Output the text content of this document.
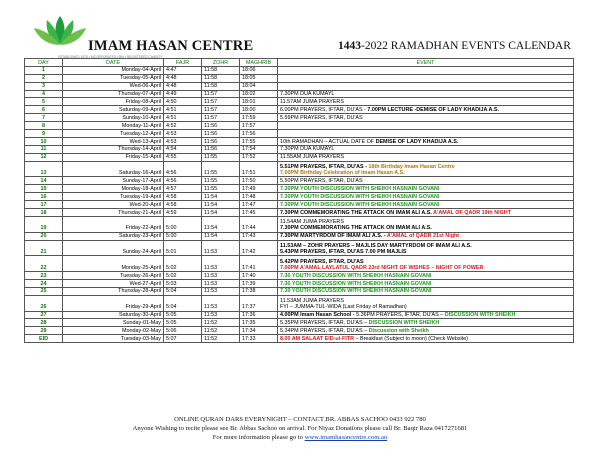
IMAM HASAN CENTRE
ESTABLISHED 1979 • INCORPORATED 1994 • REGISTERED CHARITY
1443-2022 RAMADHAN EVENTS CALENDAR
DAY	DATE	FAJR	ZOHR	MAGHRIB	EVENT
1	Monday-04-April	4:47	11:58	18:06	
2	Tuesday-05-April	4:48	11:58	18:05	
3	Wed-06-April	4:48	11:58	18:04	
4	Thursday-07-April	4:49	11:57	18:02	7.30PM DUA KUMAYL

5	Friday-08-April	4:50	11:57	18:01	11.57AM JUMA PRAYERS

6	Saturday-09-April	4:51	11:57	18:00	6.00PM PRAYERS, IFTAR, DU'AS - 7.00PM LECTURE -DEMISE OF LADY KHADIJA A.S.

7	Sunday-10-April	4:51	11:57	17:59	5.59PM PRAYERS, IFTAR, DU'AS

8	Monday-11-April	4:52	11:56	17:57	
9	Tuesday-12-April	4:53	11:56	17:56	
10	Wed-13-April	4:53	11:56	17:55	10th RAMADHAN – ACTUAL DATE OF DEMISE OF LADY KHADIJA A.S.

11	Thursday-14-April	4:54	11:56	17:54	7.30PM DUA KUMAYL

12	Friday-15-April	4:55	11:55	17:52	11.55AM JUMA PRAYERS

13	Saturday-16-April	4:56	11:55	17:51	5.51PM PRAYERS, IFTAR, DU'AS - 18th Birthday Imam Hasan Centre
7.00PM Birthday Celebration of Imam Hasan A.S.

14	Sunday-17-April	4:56	11:55	17:50	5.50PM PRAYERS, IFTAR, DU'AS

15	Monday-18-April	4:57	11:55	17:49	7.30PM YOUTH DISCUSSION WITH SHEIKH HASNAIN GOVANI

16	Tuesday-19-April	4:58	11:54	17:48	7.30PM YOUTH DISCUSSION WITH SHEIKH HASNAIN GOVANI

17	Wed-20-April	4:58	11:54	17:47	7.30PM YOUTH DISCUSSION WITH SHEIKH HASNAIN GOVANI

18	Thursday-21-April	4:59	11:54	17:45	7.30PM COMMEMORATING THE ATTACK ON IMAM ALI A.S. A'AMAL OF QADR 19th NIGHT

19	Friday-22-April	5:00	11:54	17:44	11.54AM JUMA PRAYERS
7.30PM COMMEMORATING THE ATTACK ON IMAM ALI A.S.

20	Saturday-23-April	5:00	11:54	17:43	7.30PM MARTYRDOM OF IMAM ALI A.S. - A'AMAL of QADR 21st Night

21	Sunday-24-April	5:01	11:53	17:42	11.53AM – ZOHR PRAYERS – MAJLIS DAY MARTYRDOM OF IMAM ALI A.S.
5.43PM PRAYERS, IFTAR, DU'AS 7.00 PM MAJLIS

22	Monday-25-April	5:02	11:53	17:41	5.42PM PRAYERS, IFTAR, DU'AS
7.00PM A'AMAL LAYLATUL QADR 23rd NIGHT OF WISHES – NIGHT OF POWER

23	Tuesday-26-April	5:02	11:53	17:40	7.30 YOUTH DISCUSSION WITH SHEIKH HASNAIN GOVANI

24	Wed-27-April	5:03	11:53	17:39	7.30 YOUTH DISCUSSION WITH SHEIKH HASNAIN GOVANI

25	Thursday-28-April	5:04	11:53	17:38	7.30 YOUTH DISCUSSION WITH SHEIKH HASNAIN GOVANI

26	Friday-29-April	5:04	11:53	17:37	11.53AM JUMA PRAYERS
FYI – JUMMA-TUL-WIDA (Last Friday of Ramadhan)

27	Saturday-30-April	5:05	11:53	17:36	4.00PM Imam Hasan School - 5.36PM PRAYERS, IFTAR, DU'AS – DISCUSSION WITH SHEIKH

28	Sunday-01-May	5:05	11:52	17:35	5.35PM PRAYERS, IFTAR, DU'AS – DISCUSSION WITH SHEIKH

29	Monday-02-May	5:06	11:52	17:34	5.34PM PRAYERS, IFTAR, DU'AS – Discussion with Sheikh

EID	Tuesday-03-May	5:07	11:52	17:33	8.00 AM SALAAT EID-ul-FITR – Breakfast (Subject to moon) (Check Website)
ONLINE QURAN DARS EVERYNIGHT – CONTACT BR. ABBAS SACHOO 0433 922 780
Anyone Wishing to recite please see Br. Abbas Sachoo on arrival. For Niyaz Donations please call Br. Baqir Raza 0417271681
For more information please go to www.imamhasancentre.com.au
